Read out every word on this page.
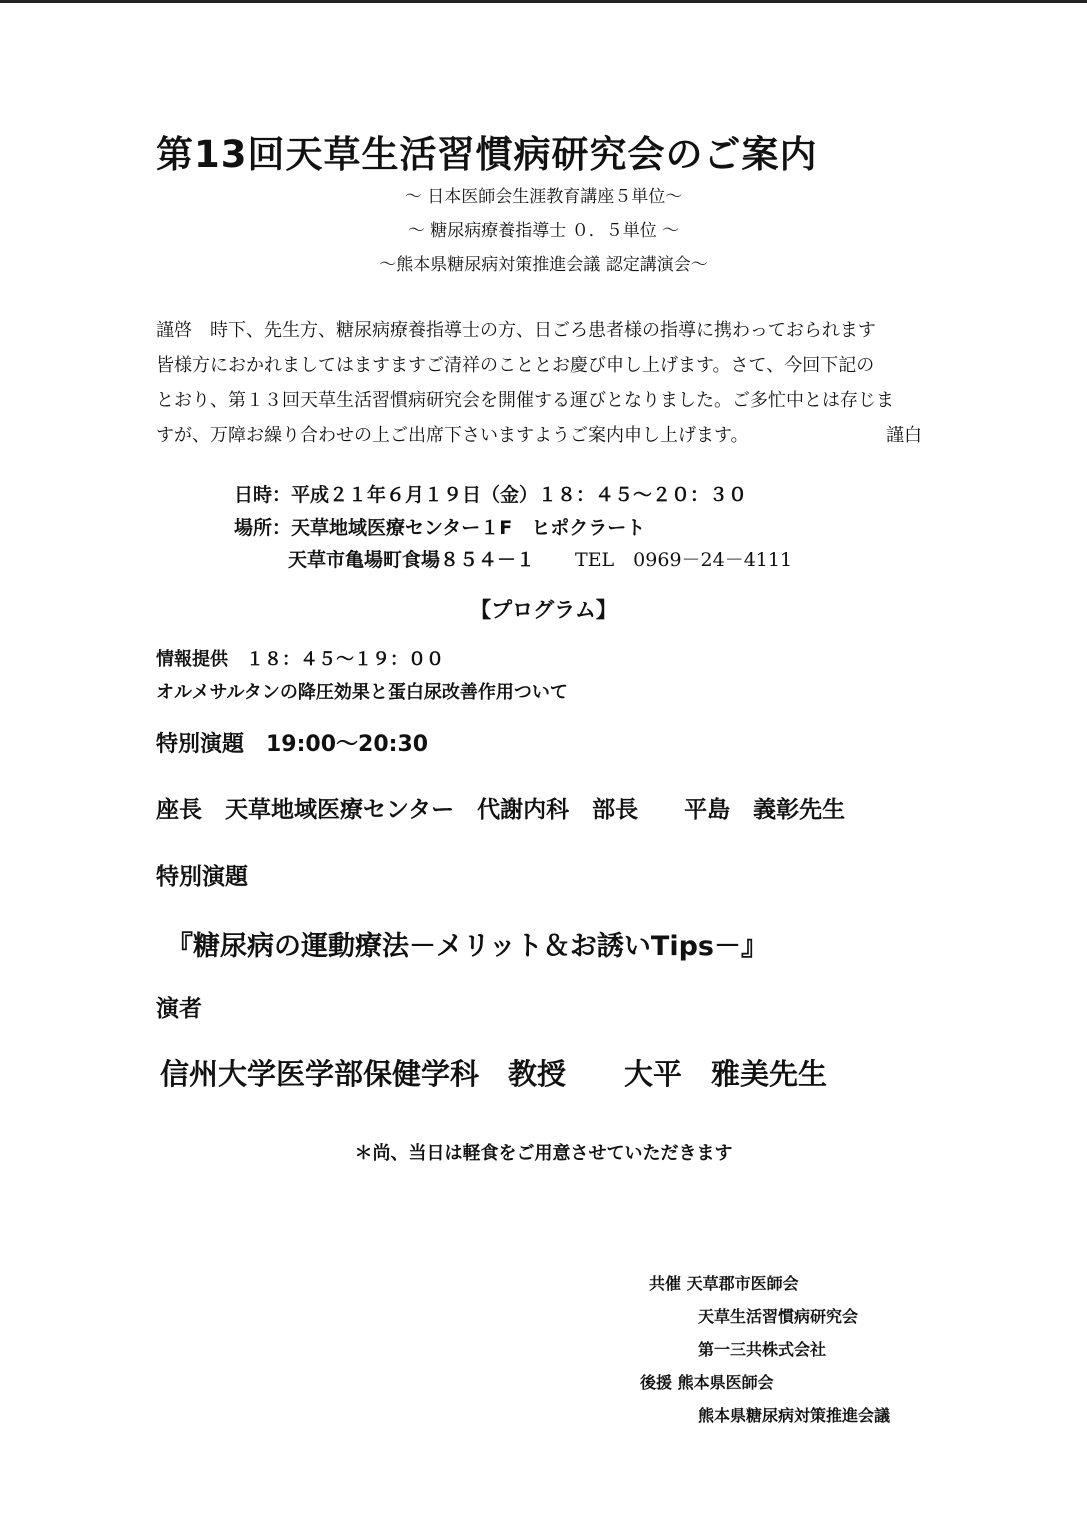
第13回天草生活習慣病研究会のご案内
～ 日本医師会生涯教育講座５単位～
～ 糖尿病療養指導士 ０．５単位 ～
～熊本県糖尿病対策推進会議 認定講演会～
謹啓　時下、先生方、糖尿病療養指導士の方、日ごろ患者様の指導に携わっておられます
皆様方におかれましてはますますご清祥のこととお慶び申し上げます。さて、今回下記の
とおり、第１３回天草生活習慣病研究会を開催する運びとなりました。ご多忙中とは存じま
すが、万障お繰り合わせの上ご出席下さいますようご案内申し上げます。	謹白
日時：平成２１年６月１９日（金）１８：４５～２０：３０
場所：天草地域医療センター１F　ヒポクラート
天草市亀場町食場８５４－１ TEL　0969－24－4111
【プログラム】
情報提供　１８：４５～１９：００
オルメサルタンの降圧効果と蛋白尿改善作用ついて
特別演題　19:00～20:30
座長　天草地域医療センター　代謝内科　部長　　平島　義彰先生
特別演題
『糖尿病の運動療法－メリット＆お誘いTips－』
演者
信州大学医学部保健学科　教授　　大平　雅美先生
＊尚、当日は軽食をご用意させていただきます
共催 天草郡市医師会
天草生活習慣病研究会
第一三共株式会社
後援 熊本県医師会
熊本県糖尿病対策推進会議
